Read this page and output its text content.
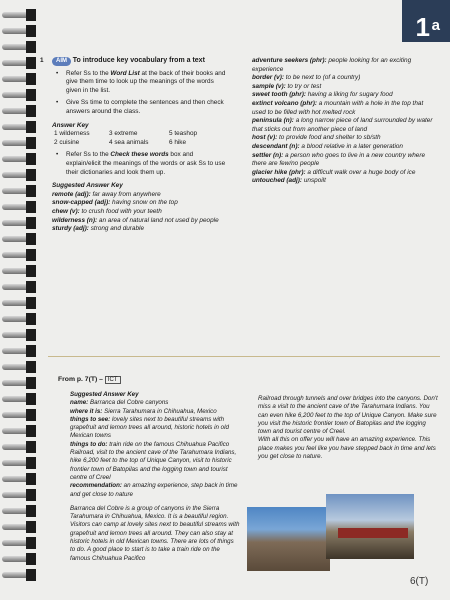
1 a
1 AIM To introduce key vocabulary from a text
• Refer Ss to the Word List at the back of their books and give them time to look up the meanings of the words given in the list.
• Give Ss time to complete the sentences and then check answers around the class.
Answer Key
1 wilderness	3 extreme	5 teashop
2 cuisine	4 sea animals	6 hike
• Refer Ss to the Check these words box and explain/elicit the meanings of the words or ask Ss to use their dictionaries and look them up.
Suggested Answer Key
remote (adj): far away from anywhere
snow-capped (adj): having snow on the top
chew (v): to crush food with your teeth
wilderness (n): an area of natural land not used by people
sturdy (adj): strong and durable
adventure seekers (phr): people looking for an exciting experience
border (v): to be next to (of a country)
sample (v): to try or test
sweet tooth (phr): having a liking for sugary food
extinct volcano (phr): a mountain with a hole in the top that used to be filled with hot melted rock
peninsula (n): a long narrow piece of land surrounded by water that sticks out from another piece of land
host (v): to provide food and shelter to sb/sth
descendant (n): a blood relative in a later generation
settler (n): a person who goes to live in a new country where there are few/no people
glacier hike (phr): a difficult walk over a huge body of ice
untouched (adj): unspoilt
From p. 7(T) – ICT
Suggested Answer Key
name: Barranca del Cobre canyons
where it is: Sierra Tarahumara in Chihuahua, Mexico
things to see: lovely sites next to beautiful streams with grapefruit and lemon trees all around, historic hotels in old Mexican towns
things to do: train ride on the famous Chihuahua Pacifico Railroad, visit to the ancient cave of the Tarahumara Indians, hike 6,200 feet to the top of Unique Canyon, visit to historic frontier town of Batopilas and the logging town and tourist centre of Creel
recommendation: an amazing experience, step back in time and get close to nature
Barranca del Cobre is a group of canyons in the Sierra Tarahumara in Chihuahua, Mexico. It is a beautiful region. Visitors can camp at lovely sites next to beautiful streams with grapefruit and lemon trees all around. They can also stay at historic hotels in old Mexican towns. There are lots of things to do. A good place to start is to take a train ride on the famous Chihuahua Pacifico
Railroad through tunnels and over bridges into the canyons. Don't miss a visit to the ancient cave of the Tarahumara Indians. You can even hike 6,200 feet to the top of Unique Canyon. Make sure you visit the historic frontier town of Batopilas and the logging town and tourist centre of Creel.
With all this on offer you will have an amazing experience. This place makes you feel like you have stepped back in time and lets you get close to nature.
6(T)
